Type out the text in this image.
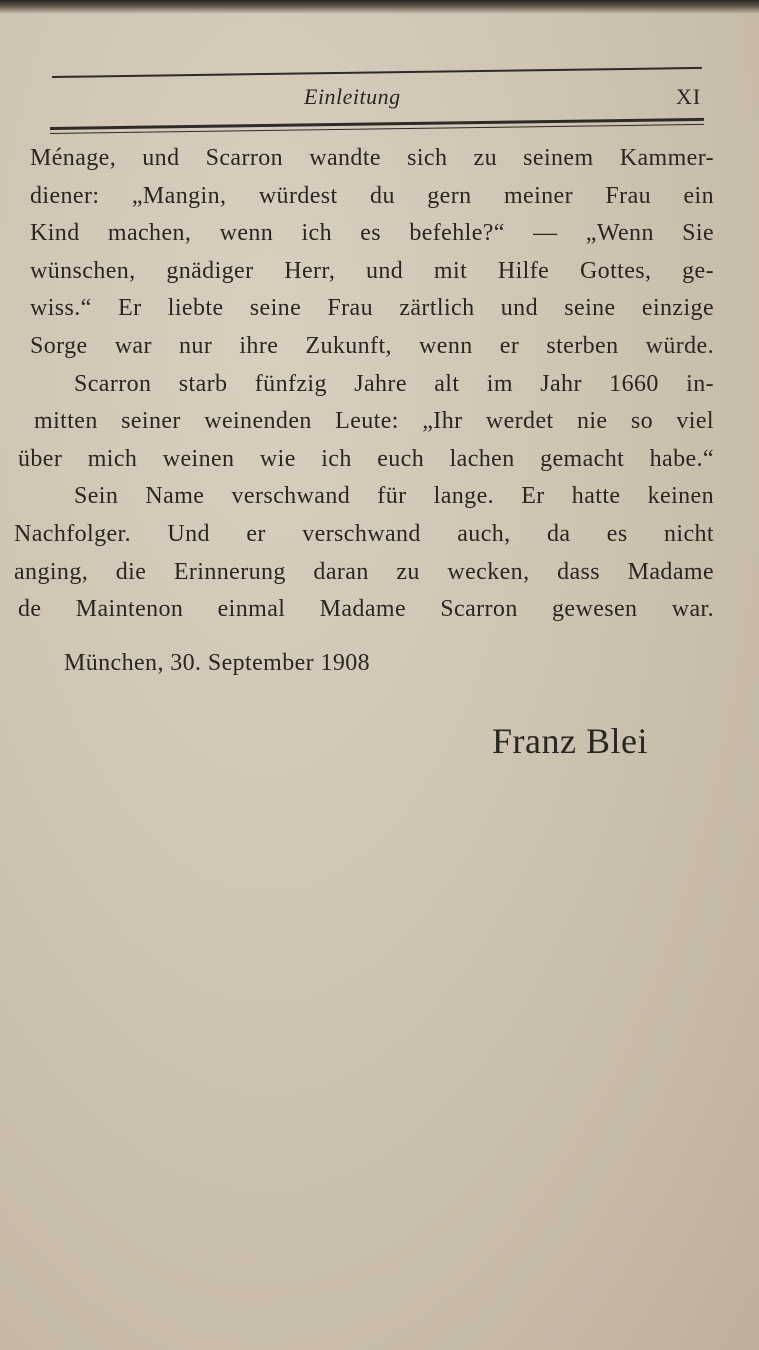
Einleitung	XI
Ménage, und Scarron wandte sich zu seinem Kammer-
diener: „Mangin, würdest du gern meiner Frau ein
Kind machen, wenn ich es befehle?“ — „Wenn Sie
wünschen, gnädiger Herr, und mit Hilfe Gottes, ge-
wiss.“ Er liebte seine Frau zärtlich und seine einzige
Sorge war nur ihre Zukunft, wenn er sterben würde.
Scarron starb fünfzig Jahre alt im Jahr 1660 in-
mitten seiner weinenden Leute: „Ihr werdet nie so viel
über mich weinen wie ich euch lachen gemacht habe.“
Sein Name verschwand für lange. Er hatte keinen
Nachfolger. Und er verschwand auch, da es nicht
anging, die Erinnerung daran zu wecken, dass Madame
de Maintenon einmal Madame Scarron gewesen war.
München, 30. September 1908
Franz Blei
